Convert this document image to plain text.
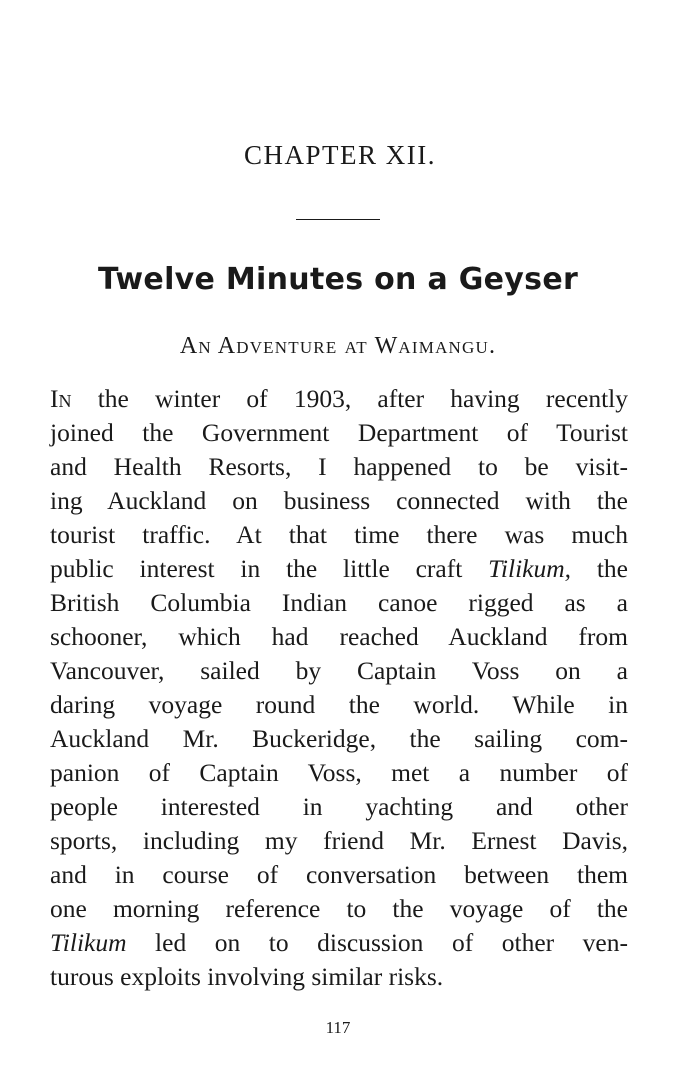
CHAPTER XII.
Twelve Minutes on a Geyser
An Adventure at Waimangu.
In the winter of 1903, after having recently
joined the Government Department of Tourist
and Health Resorts, I happened to be visit-
ing Auckland on business connected with the
tourist traffic. At that time there was much
public interest in the little craft Tilikum, the
British Columbia Indian canoe rigged as a
schooner, which had reached Auckland from
Vancouver, sailed by Captain Voss on a
daring voyage round the world. While in
Auckland Mr. Buckeridge, the sailing com-
panion of Captain Voss, met a number of
people interested in yachting and other
sports, including my friend Mr. Ernest Davis,
and in course of conversation between them
one morning reference to the voyage of the
Tilikum led on to discussion of other ven-
turous exploits involving similar risks.
117
